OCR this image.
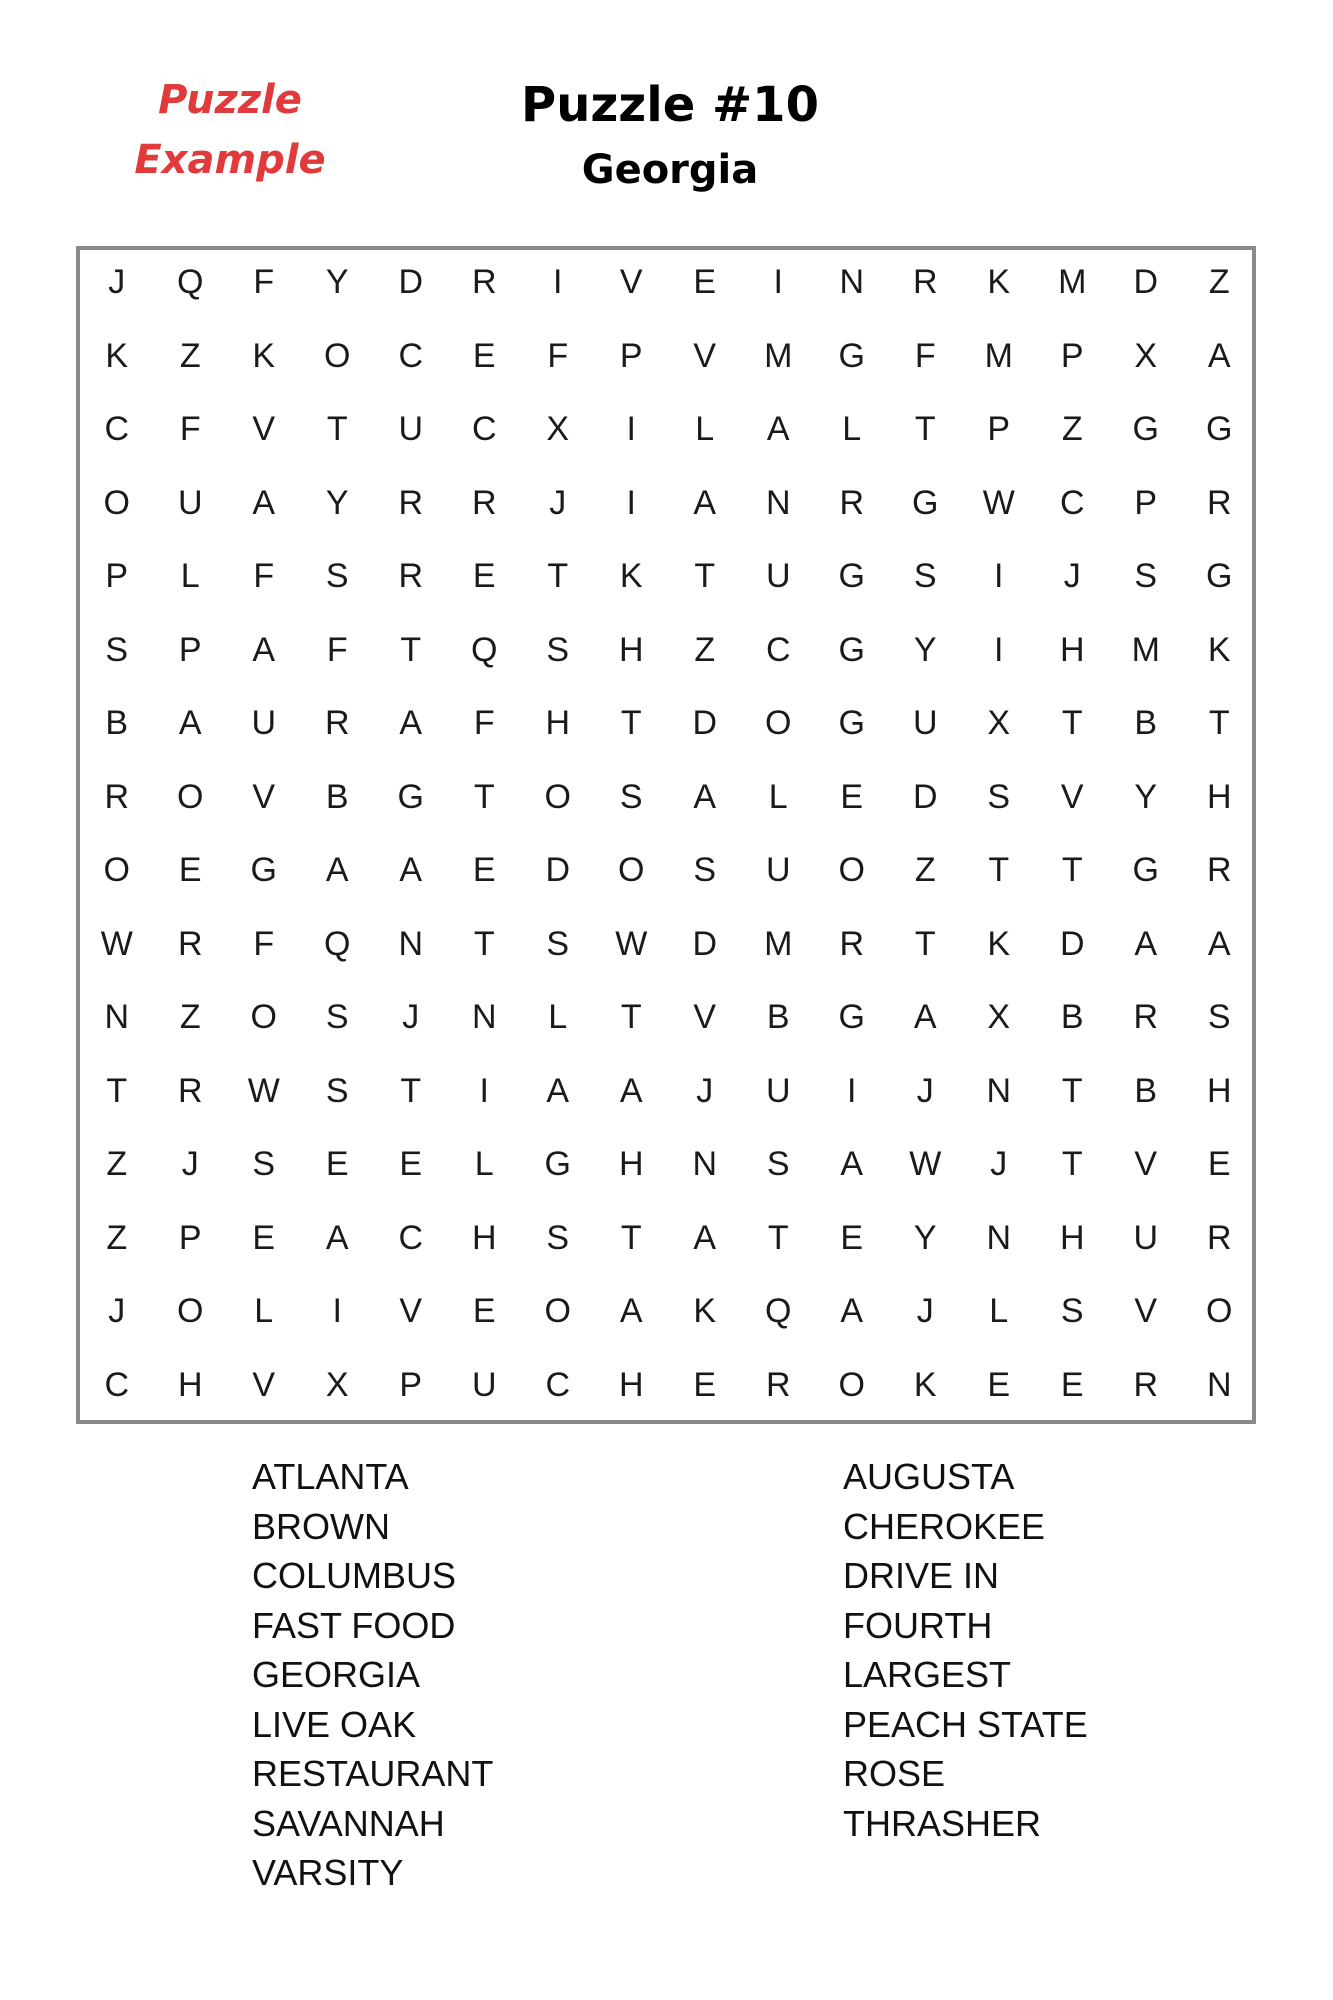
Puzzle
Example
Puzzle #10
Georgia
J	Q	F	Y	D	R	I	V	E	I	N	R	K	M	D	Z
K	Z	K	O	C	E	F	P	V	M	G	F	M	P	X	A
C	F	V	T	U	C	X	I	L	A	L	T	P	Z	G	G
O	U	A	Y	R	R	J	I	A	N	R	G	W	C	P	R
P	L	F	S	R	E	T	K	T	U	G	S	I	J	S	G
S	P	A	F	T	Q	S	H	Z	C	G	Y	I	H	M	K
B	A	U	R	A	F	H	T	D	O	G	U	X	T	B	T
R	O	V	B	G	T	O	S	A	L	E	D	S	V	Y	H
O	E	G	A	A	E	D	O	S	U	O	Z	T	T	G	R
W	R	F	Q	N	T	S	W	D	M	R	T	K	D	A	A
N	Z	O	S	J	N	L	T	V	B	G	A	X	B	R	S
T	R	W	S	T	I	A	A	J	U	I	J	N	T	B	H
Z	J	S	E	E	L	G	H	N	S	A	W	J	T	V	E
Z	P	E	A	C	H	S	T	A	T	E	Y	N	H	U	R
J	O	L	I	V	E	O	A	K	Q	A	J	L	S	V	O
C	H	V	X	P	U	C	H	E	R	O	K	E	E	R	N
ATLANTA
BROWN
COLUMBUS
FAST FOOD
GEORGIA
LIVE OAK
RESTAURANT
SAVANNAH
VARSITY
AUGUSTA
CHEROKEE
DRIVE IN
FOURTH
LARGEST
PEACH STATE
ROSE
THRASHER
